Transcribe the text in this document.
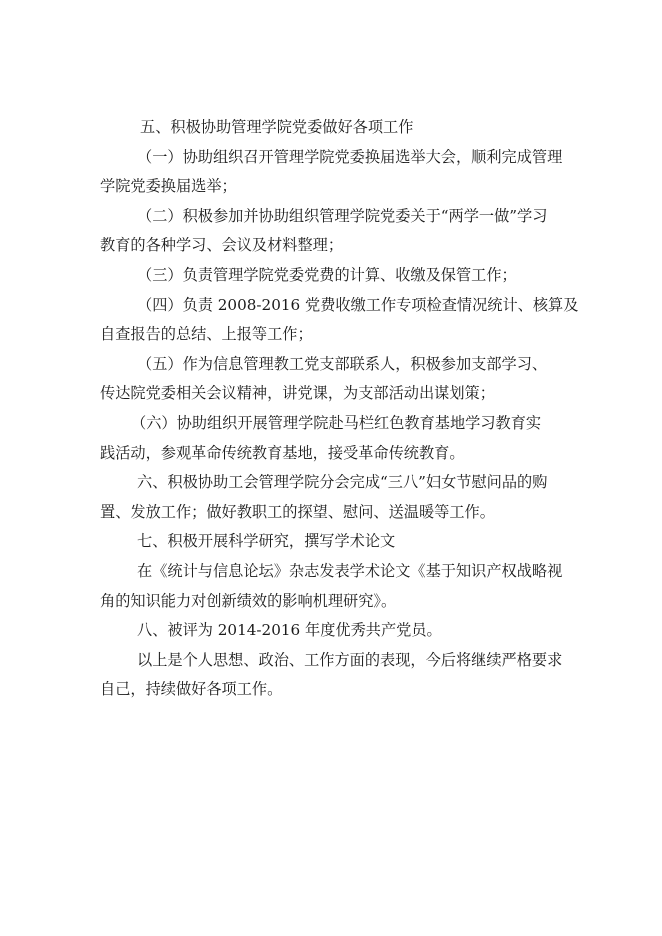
五、积极协助管理学院党委做好各项工作

（一）协助组织召开管理学院党委换届选举大会，顺利完成管理

学院党委换届选举；

（二）积极参加并协助组织管理学院党委关于“两学一做”学习

教育的各种学习、会议及材料整理；

（三）负责管理学院党委党费的计算、收缴及保管工作；

（四）负责 2008-2016 党费收缴工作专项检查情况统计、核算及

自查报告的总结、上报等工作；

（五）作为信息管理教工党支部联系人，积极参加支部学习、

传达院党委相关会议精神，讲党课，为支部活动出谋划策；

（六）协助组织开展管理学院赴马栏红色教育基地学习教育实

践活动，参观革命传统教育基地，接受革命传统教育。

六、积极协助工会管理学院分会完成“三八”妇女节慰问品的购

置、发放工作；做好教职工的探望、慰问、送温暖等工作。

七、积极开展科学研究，撰写学术论文

在《统计与信息论坛》杂志发表学术论文《基于知识产权战略视

角的知识能力对创新绩效的影响机理研究》。

八、被评为 2014-2016 年度优秀共产党员。

以上是个人思想、政治、工作方面的表现，今后将继续严格要求

自己，持续做好各项工作。
